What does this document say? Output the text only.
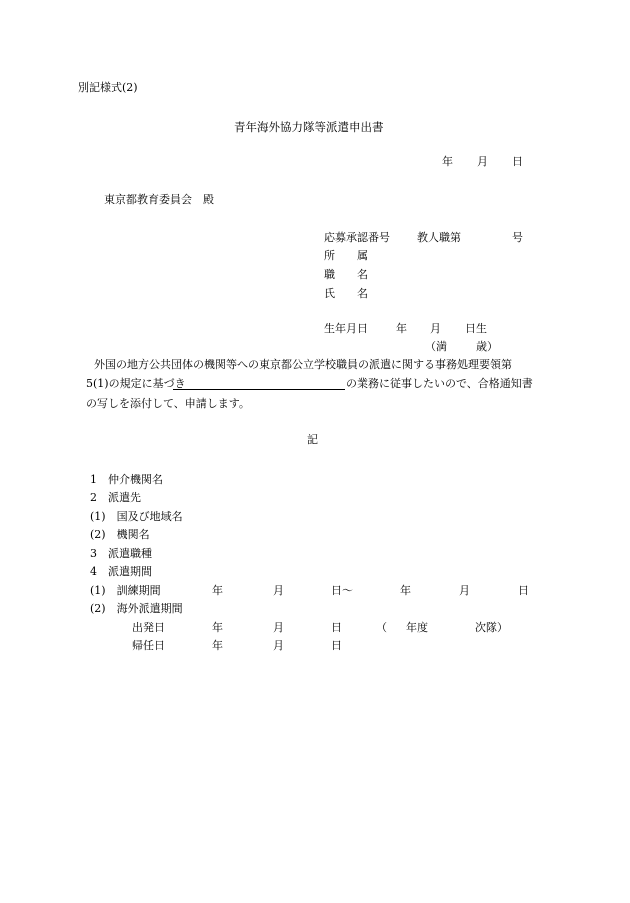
別記様式(2)
青年海外協力隊等派遣申出書
年 月 日
東京都教育委員会　殿
応募承認番号 教人職第	号
所　　属
職　　名
氏　　名
生年月日	年 月 日生
（満	歳）
外国の地方公共団体の機関等への東京都公立学校職員の派遣に関する事務処理要領第
5(1)の規定に基づき	の業務に従事したいので、合格通知書
の写しを添付して、申請します。
記
1　仲介機関名
2　派遣先
(1)　国及び地域名
(2)　機関名
3　派遣職種
4　派遣期間
(1)　訓練期間	年	月	日～	年	月	日
(2)　海外派遣期間
出発日	年	月	日	（ 年度	次隊）
帰任日	年	月	日
